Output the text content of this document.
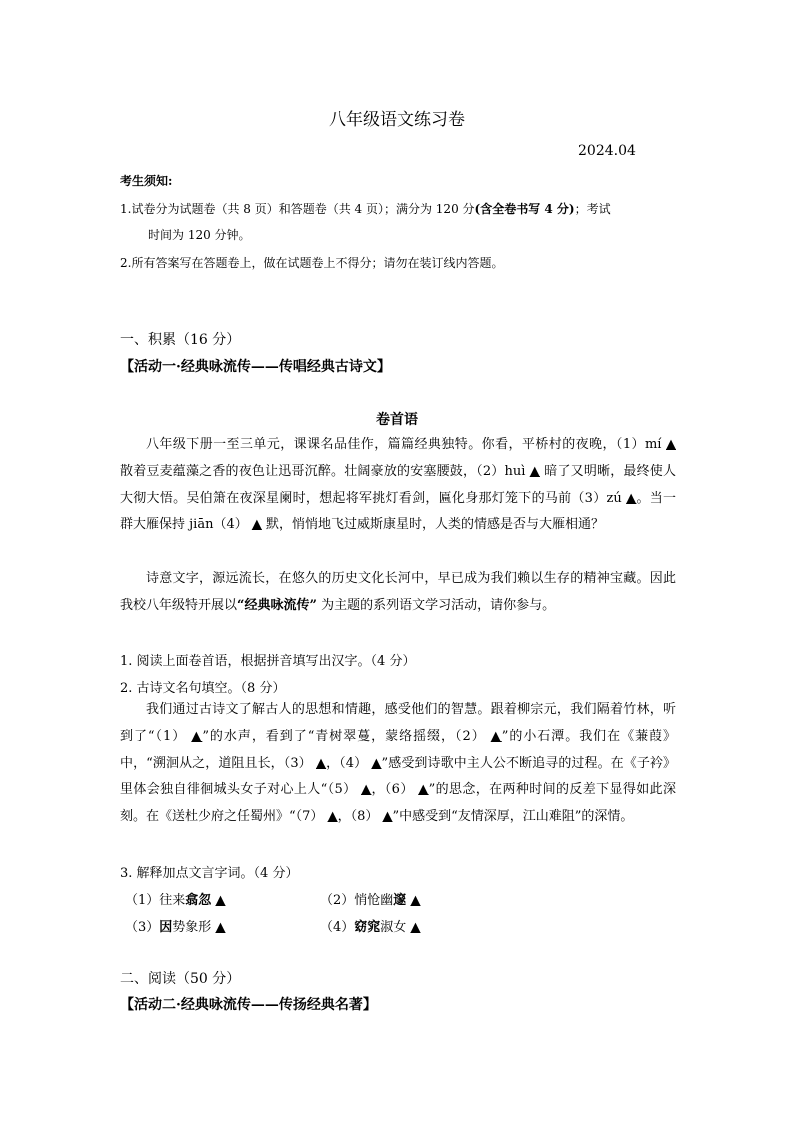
八年级语文练习卷
2024.04
考生须知:
1.试卷分为试题卷（共 8 页）和答题卷（共 4 页）；满分为 120 分(含全卷书写 4 分)；考试
时间为 120 分钟。
2.所有答案写在答题卷上，做在试题卷上不得分；请勿在装订线内答题。
一、积累（16 分）
【活动一·经典咏流传——传唱经典古诗文】
卷首语
八年级下册一至三单元，课课名品佳作，篇篇经典独特。你看，平桥村的夜晚，（1）mí ▲ 散着豆麦蕴藻之香的夜色让迅哥沉醉。壮阔豪放的安塞腰鼓，（2）huì ▲ 暗了又明晰，最终使人大彻大悟。吴伯箫在夜深星阑时，想起将军挑灯看剑，匾化身那灯笼下的马前（3）zú ▲。当一群大雁保持 jiān（4） ▲ 默，悄悄地飞过威斯康星时，人类的情感是否与大雁相通？
诗意文字，源远流长，在悠久的历史文化长河中，早已成为我们赖以生存的精神宝藏。因此我校八年级特开展以“经典咏流传” 为主题的系列语文学习活动，请你参与。
1. 阅读上面卷首语，根据拼音填写出汉字。（4 分）
2. 古诗文名句填空。（8 分）
我们通过古诗文了解古人的思想和情趣，感受他们的智慧。跟着柳宗元，我们隔着竹林，听到了“（1） ▲”的水声，看到了“青树翠蔓，蒙络摇缀，（2） ▲”的小石潭。我们在《蒹葭》中，“溯洄从之，道阻且长，（3） ▲，（4） ▲”感受到诗歌中主人公不断追寻的过程。在《子衿》里体会独自徘徊城头女子对心上人“（5） ▲，（6） ▲”的思念，在两种时间的反差下显得如此深刻。在《送杜少府之任蜀州》“（7） ▲，（8） ▲”中感受到“友情深厚，江山难阻”的深情。
3. 解释加点文言字词。（4 分）
（1）往来翕忽 ▲	（2）悄怆幽邃 ▲
（3）因势象形 ▲	（4）窈窕淑女 ▲
二、阅读（50 分）
【活动二·经典咏流传——传扬经典名著】
